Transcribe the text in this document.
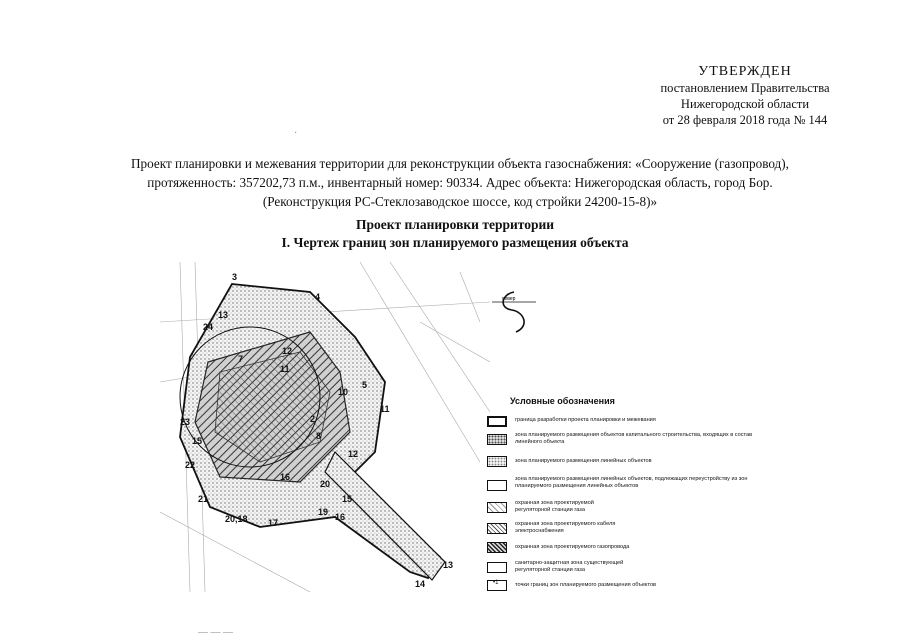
УТВЕРЖДЕН
постановлением Правительства
Нижегородской области
от 28 февраля 2018 года № 144
·
Проект планировки и межевания территории для реконструкции объекта газоснабжения: «Сооружение (газопровод),
протяженность: 357202,73 п.м., инвентарный номер: 90334. Адрес объекта: Нижегородская область, город Бор.
(Реконструкция РС-Стеклозаводское шоссе, код стройки 24200-15-8)»
Проект планировки территории
I. Чертеж границ зон планируемого размещения объекта
3
4
13
24
12
7
11
5
10
11
2
8
23
15
22
12
16
20
21
20,18 17
16
19
15
13
14
север
Условные обозначения
граница разработки проекта планировки и межевания
зона планируемого размещения объектов капитального строительства, входящих в состав линейного объекта
зона планируемого размещения линейных объектов
зона планируемого размещения линейных объектов, подлежащих переустройству из зон планируемого размещения линейных объектов
охранная зона проектируемой регуляторной станции газа
охранная зона проектируемого кабеля электроснабжения
охранная зона проектируемого газопровода
санитарно-защитная зона существующей регуляторной станции газа
•1	точки границ зон планируемого размещения объектов
— — —
